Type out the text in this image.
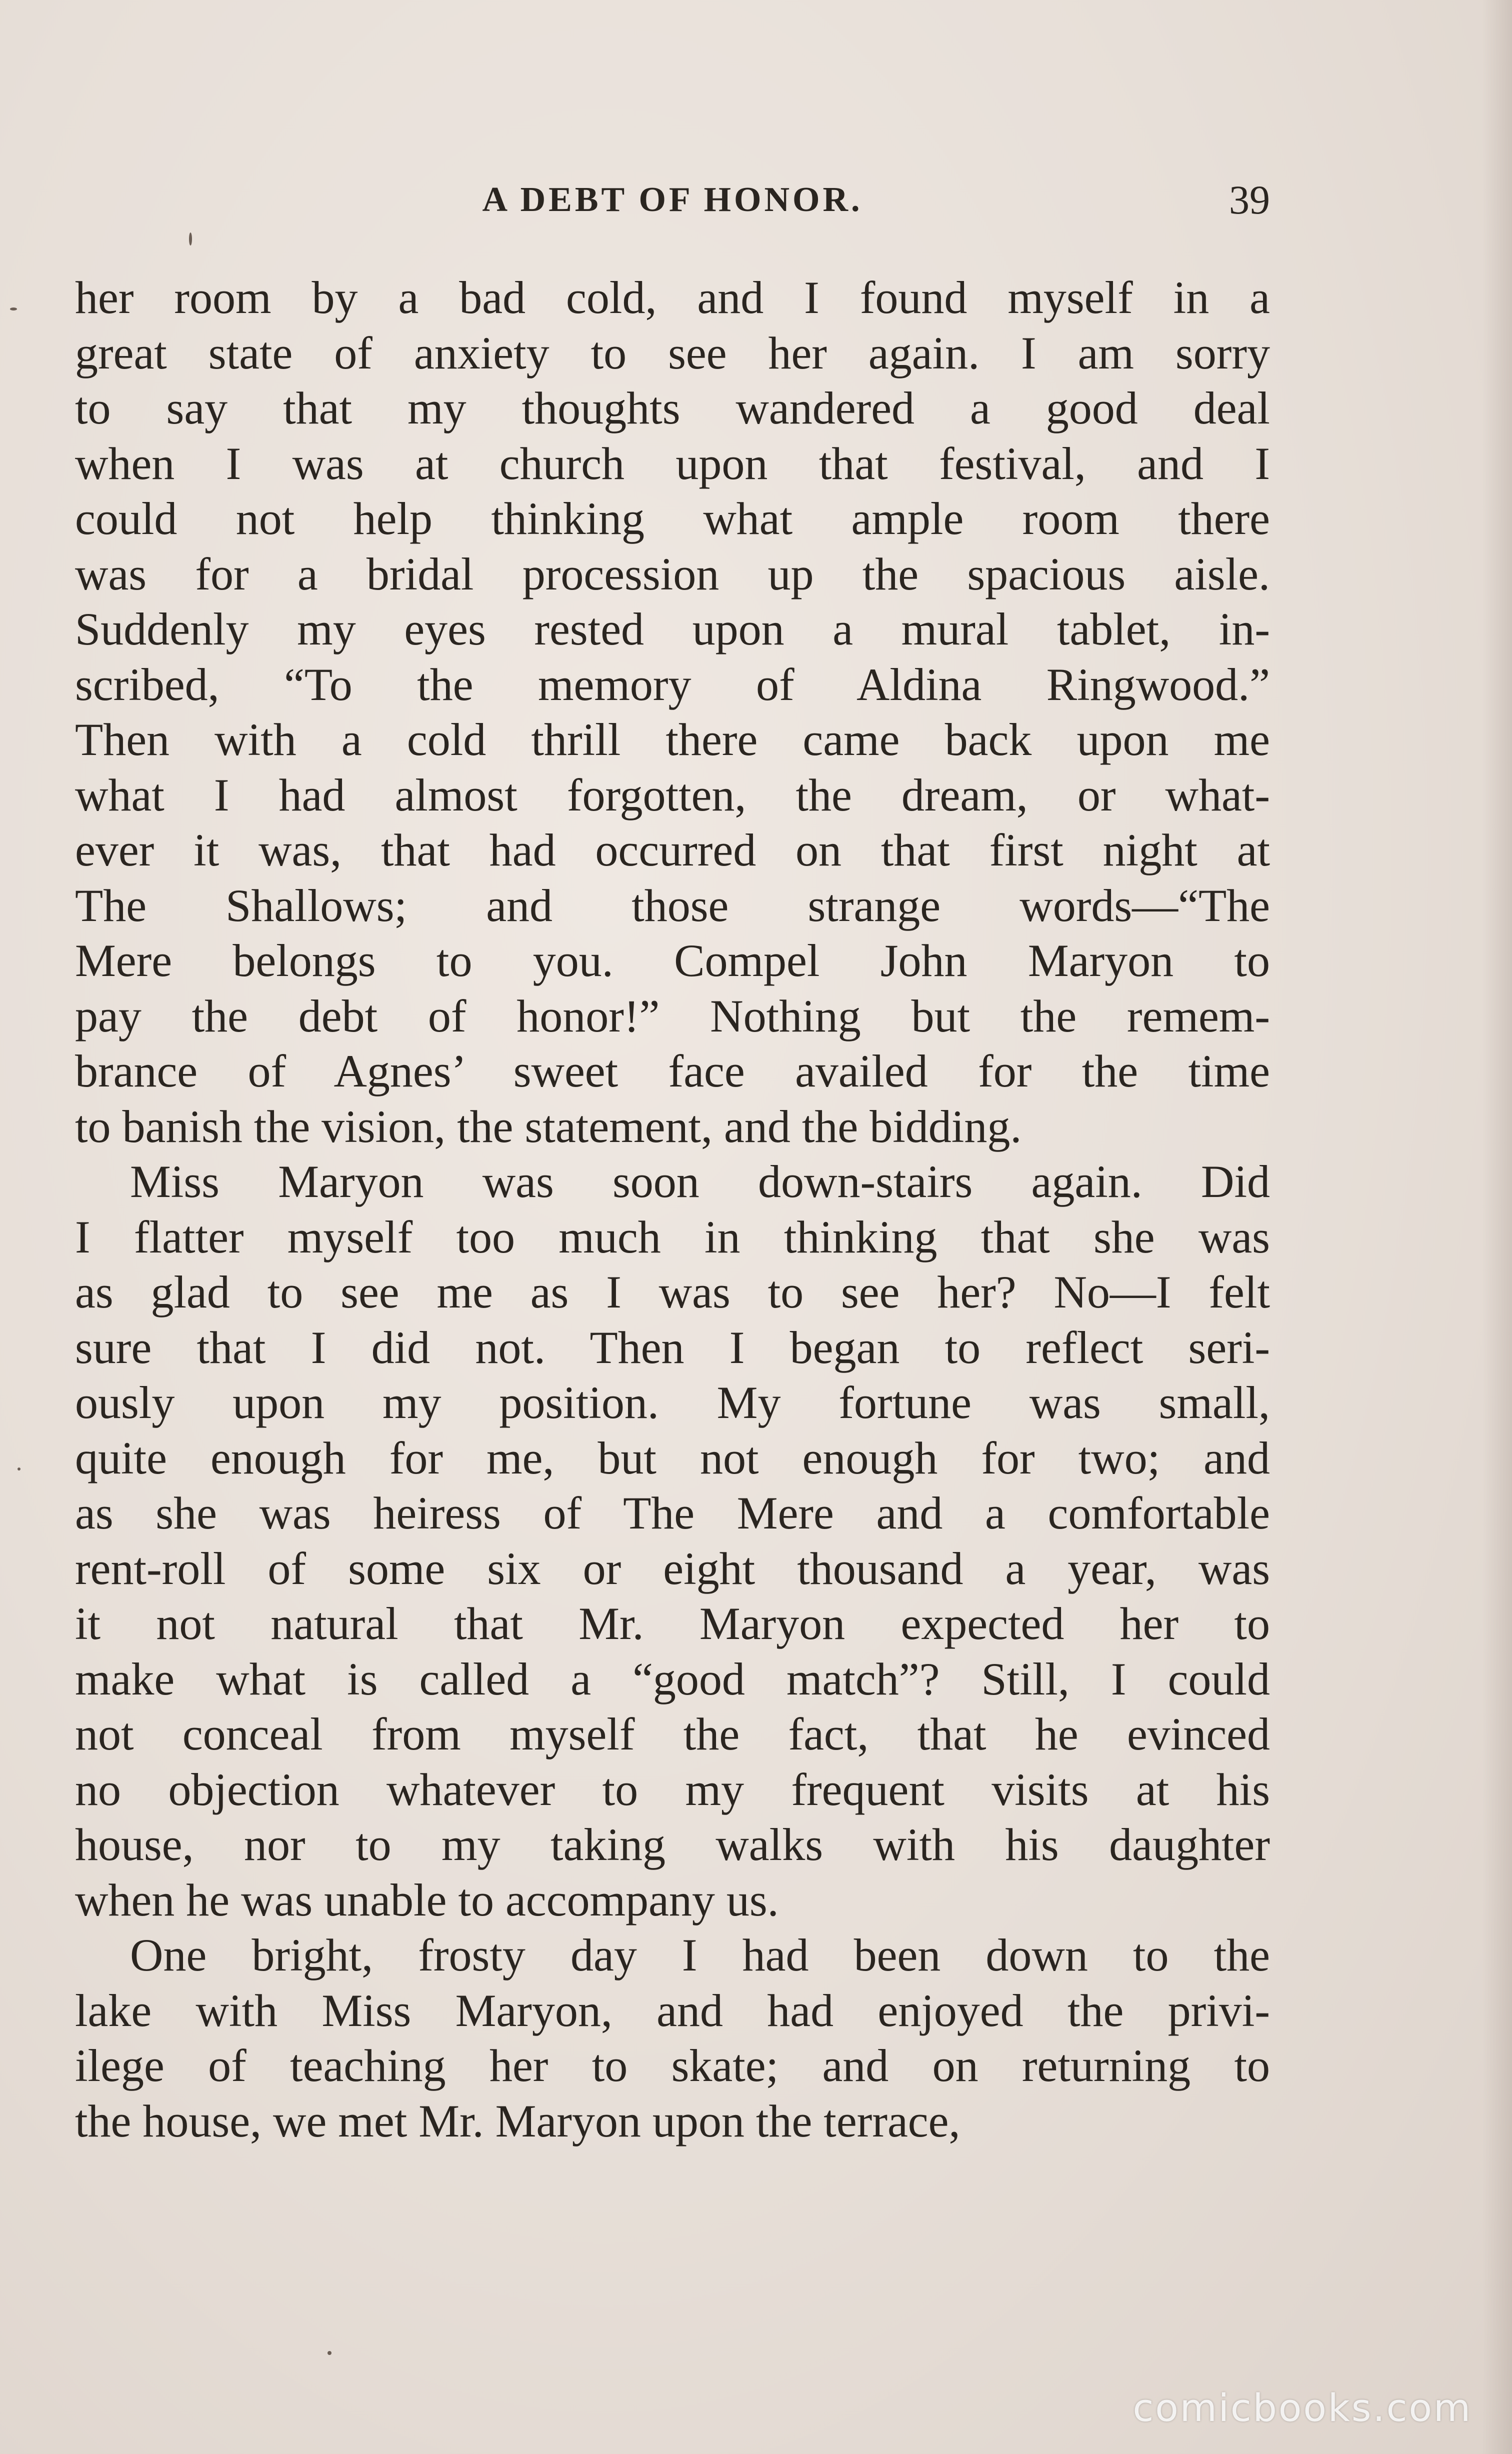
A DEBT OF HONOR.	39
her room by a bad cold, and I found myself in a
great state of anxiety to see her again. I am sorry
to say that my thoughts wandered a good deal
when I was at church upon that festival, and I
could not help thinking what ample room there
was for a bridal procession up the spacious aisle.
Suddenly my eyes rested upon a mural tablet, in-
scribed, “To the memory of Aldina Ringwood.”
Then with a cold thrill there came back upon me
what I had almost forgotten, the dream, or what-
ever it was, that had occurred on that first night at
The Shallows; and those strange words—“The
Mere belongs to you. Compel John Maryon to
pay the debt of honor!” Nothing but the remem-
brance of Agnes’ sweet face availed for the time
to banish the vision, the statement, and the bidding.
Miss Maryon was soon down-stairs again. Did
I flatter myself too much in thinking that she was
as glad to see me as I was to see her? No—I felt
sure that I did not. Then I began to reflect seri-
ously upon my position. My fortune was small,
quite enough for me, but not enough for two; and
as she was heiress of The Mere and a comfortable
rent-roll of some six or eight thousand a year, was
it not natural that Mr. Maryon expected her to
make what is called a “good match”? Still, I could
not conceal from myself the fact, that he evinced
no objection whatever to my frequent visits at his
house, nor to my taking walks with his daughter
when he was unable to accompany us.
One bright, frosty day I had been down to the
lake with Miss Maryon, and had enjoyed the privi-
ilege of teaching her to skate; and on returning to
the house, we met Mr. Maryon upon the terrace,
comicbooks.com
